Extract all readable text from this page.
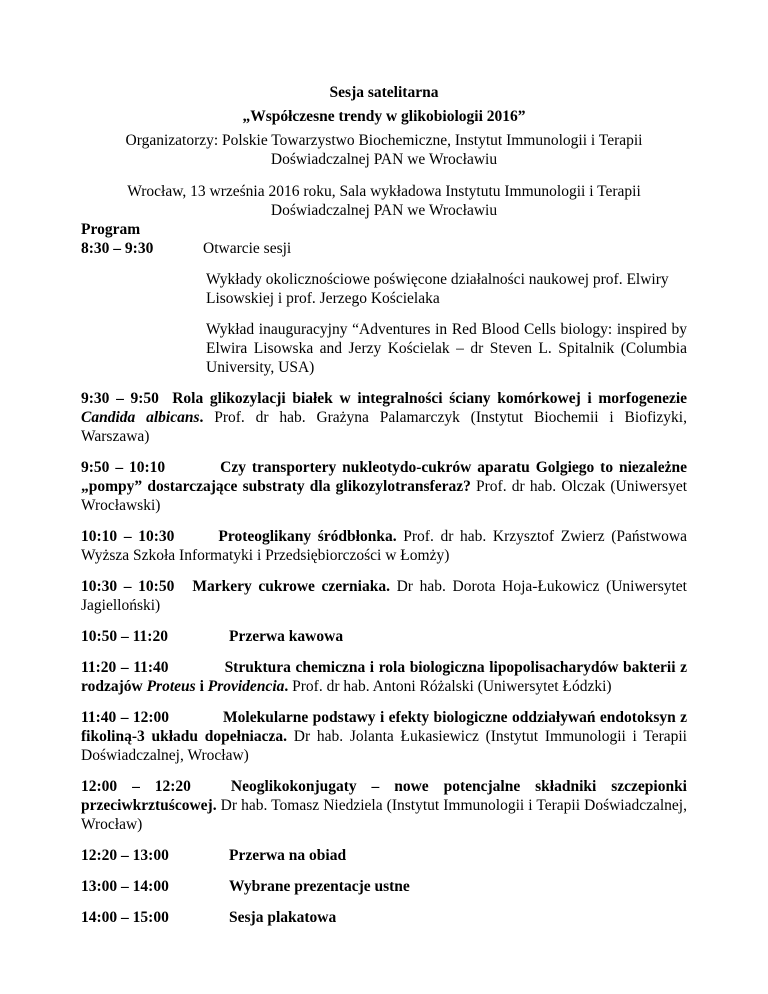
Sesja satelitarna

„Współczesne trendy w glikobiologii 2016”

Organizatorzy: Polskie Towarzystwo Biochemiczne, Instytut Immunologii i Terapii Doświadczalnej PAN we Wrocławiu

Wrocław, 13 września 2016 roku, Sala wykładowa Instytutu Immunologii i Terapii Doświadczalnej PAN we Wrocławiu

Program

8:30 – 9:30	Otwarcie sesji

Wykłady okolicznościowe poświęcone działalności naukowej prof. Elwiry Lisowskiej i prof. Jerzego Kościelaka

Wykład inauguracyjny “Adventures in Red Blood Cells biology: inspired by Elwira Lisowska and Jerzy Kościelak – dr Steven L. Spitalnik (Columbia University, USA)

9:30 – 9:50 Rola glikozylacji białek w integralności ściany komórkowej i morfogenezie Candida albicans. Prof. dr hab. Grażyna Palamarczyk (Instytut Biochemii i Biofizyki, Warszawa)

9:50 – 10:10	Czy transportery nukleotydo-cukrów aparatu Golgiego to niezależne „pompy” dostarczające substraty dla glikozylotransferaz? Prof. dr hab. Olczak (Uniwersyet Wrocławski)

10:10 – 10:30	Proteoglikany śródbłonka. Prof. dr hab. Krzysztof Zwierz (Państwowa Wyższa Szkoła Informatyki i Przedsiębiorczości w Łomży)

10:30 – 10:50 Markery cukrowe czerniaka. Dr hab. Dorota Hoja-Łukowicz (Uniwersytet Jagielloński)

10:50 – 11:20	Przerwa kawowa

11:20 – 11:40	Struktura chemiczna i rola biologiczna lipopolisacharydów bakterii z rodzajów Proteus i Providencia. Prof. dr hab. Antoni Różalski (Uniwersytet Łódzki)

11:40 – 12:00	Molekularne podstawy i efekty biologiczne oddziaływań endotoksyn z fikoliną-3 układu dopełniacza. Dr hab. Jolanta Łukasiewicz (Instytut Immunologii i Terapii Doświadczalnej, Wrocław)

12:00 – 12:20	Neoglikokonjugaty – nowe potencjalne składniki szczepionki przeciwkrztuścowej. Dr hab. Tomasz Niedziela (Instytut Immunologii i Terapii Doświadczalnej, Wrocław)

12:20 – 13:00	Przerwa na obiad
13:00 – 14:00	Wybrane prezentacje ustne
14:00 – 15:00	Sesja plakatowa
